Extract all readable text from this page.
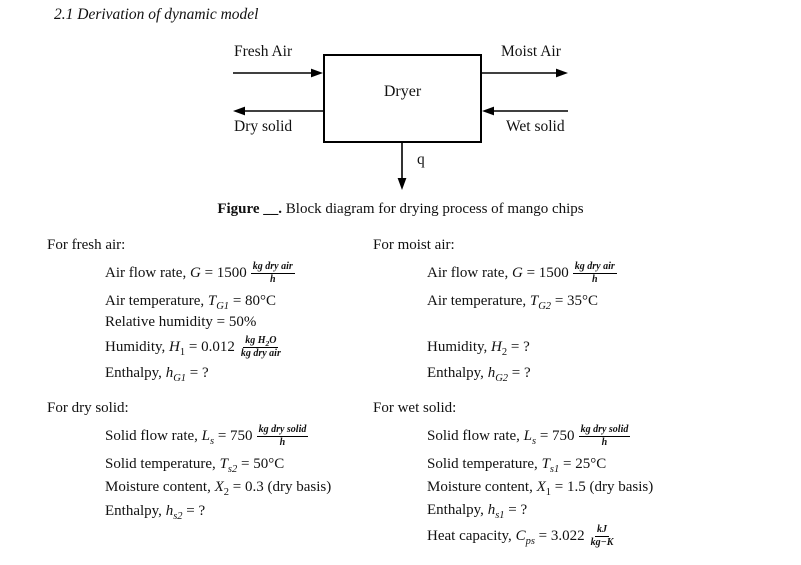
2.1 Derivation of dynamic model
Dryer
Fresh Air	Moist Air
Dry solid	Wet solid
q
Figure __. Block diagram for drying process of mango chips
For fresh air:
Air flow rate, $G = 1500 \frac{\text{kg dry air}}{h}$
Air temperature, $T_{G1} = 80^\circ C$
Relative humidity = 50%
Humidity, $H_1 = 0.012 \frac{kg H_2O}{\text{kg dry air}}$
Enthalpy, $h_{G1}$ = ?
For moist air:
Air flow rate, $G = 1500 \frac{\text{kg dry air}}{h}$
Air temperature, $T_{G2} = 35^\circ C$
Humidity, $H_2$ = ?
Enthalpy, $h_{G2}$ = ?
For dry solid:
Solid flow rate, $L_s = 750 \frac{\text{kg dry solid}}{h}$
Solid temperature, $T_{s2} = 50^\circ C$
Moisture content, $X_2 = 0.3$ (dry basis)
Enthalpy, $h_{s2}$ = ?
For wet solid:
Solid flow rate, $L_s = 750 \frac{\text{kg dry solid}}{h}$
Solid temperature, $T_{s1} = 25^\circ C$
Moisture content, $X_1 = 1.5$ (dry basis)
Enthalpy, $h_{s1}$ = ?
Heat capacity, $C_{ps} = 3.022 \frac{kJ}{kg-K}$
